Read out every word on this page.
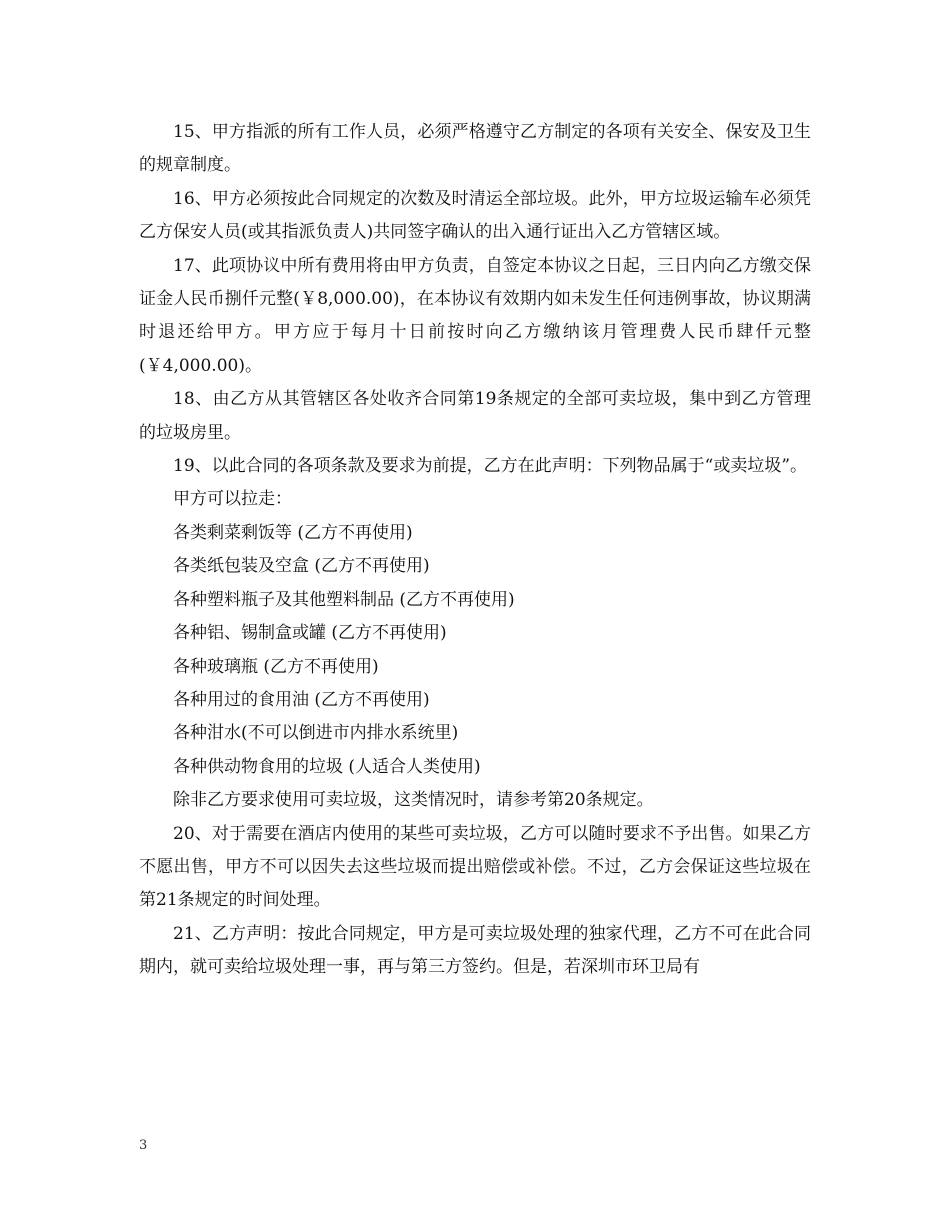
15、甲方指派的所有工作人员，必须严格遵守乙方制定的各项有关安全、保安及卫生的规章制度。

16、甲方必须按此合同规定的次数及时清运全部垃圾。此外，甲方垃圾运输车必须凭乙方保安人员(或其指派负责人)共同签字确认的出入通行证出入乙方管辖区域。

17、此项协议中所有费用将由甲方负责，自签定本协议之日起，三日内向乙方缴交保证金人民币捌仟元整(￥8,000.00)，在本协议有效期内如未发生任何违例事故，协议期满时退还给甲方。甲方应于每月十日前按时向乙方缴纳该月管理费人民币肆仟元整(￥4,000.00)。

18、由乙方从其管辖区各处收齐合同第19条规定的全部可卖垃圾，集中到乙方管理的垃圾房里。

19、以此合同的各项条款及要求为前提，乙方在此声明：下列物品属于“或卖垃圾”。

甲方可以拉走：

各类剩菜剩饭等 (乙方不再使用)

各类纸包装及空盒 (乙方不再使用)

各种塑料瓶子及其他塑料制品 (乙方不再使用)

各种铝、锡制盒或罐 (乙方不再使用)

各种玻璃瓶 (乙方不再使用)

各种用过的食用油 (乙方不再使用)

各种泔水(不可以倒进市内排水系统里)

各种供动物食用的垃圾 (人适合人类使用)

除非乙方要求使用可卖垃圾，这类情况时，请参考第20条规定。

20、对于需要在酒店内使用的某些可卖垃圾，乙方可以随时要求不予出售。如果乙方不愿出售，甲方不可以因失去这些垃圾而提出赔偿或补偿。不过，乙方会保证这些垃圾在第21条规定的时间处理。

21、乙方声明：按此合同规定，甲方是可卖垃圾处理的独家代理，乙方不可在此合同期内，就可卖给垃圾处理一事，再与第三方签约。但是，若深圳市环卫局有

3
